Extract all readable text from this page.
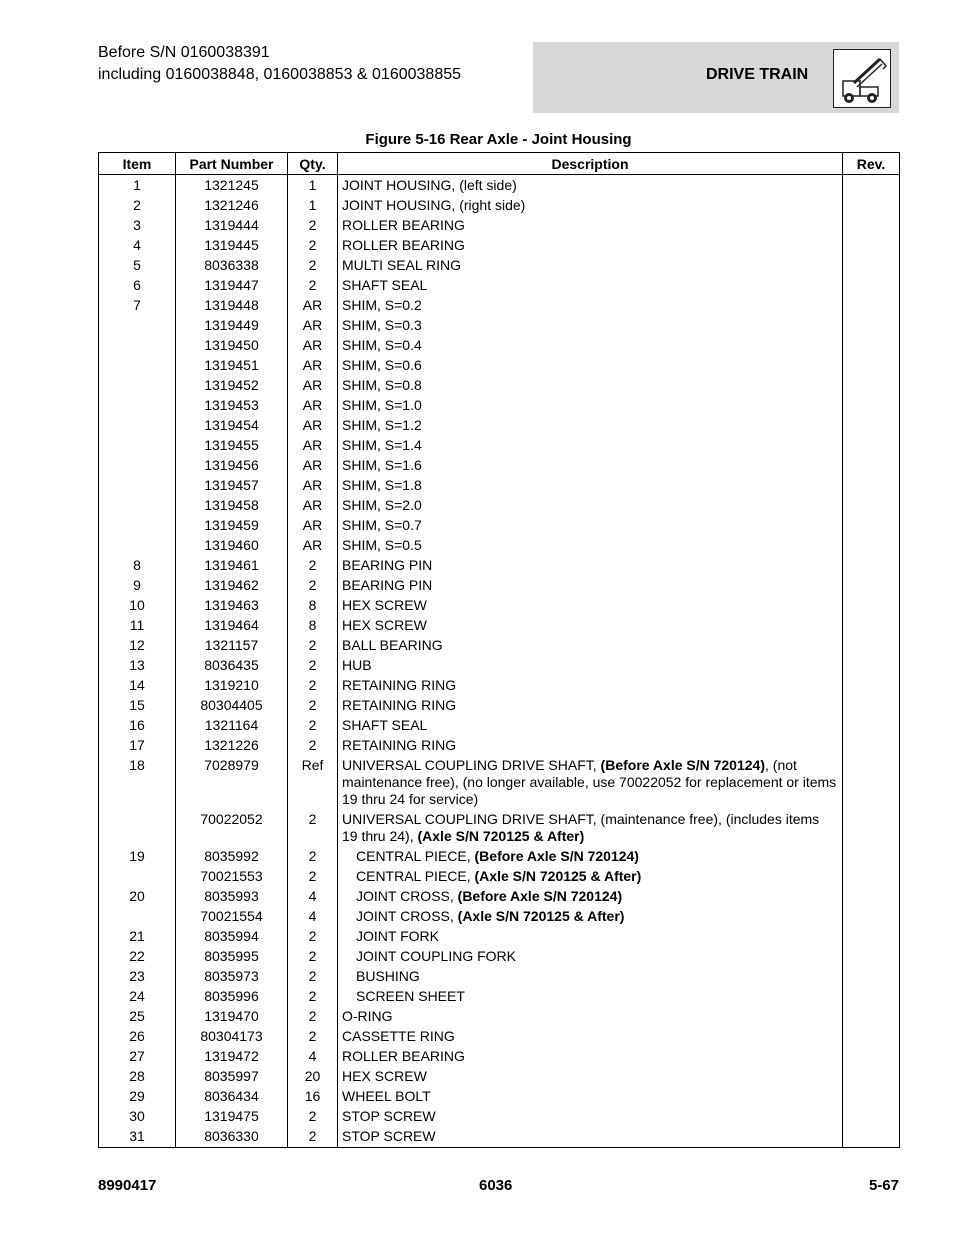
Before S/N 0160038391
including 0160038848, 0160038853 & 0160038855	DRIVE TRAIN
Figure 5-16 Rear Axle - Joint Housing
Item	Part Number	Qty.	Description	Rev.
1	1321245	1	JOINT HOUSING, (left side)	
2	1321246	1	JOINT HOUSING, (right side)	
3	1319444	2	ROLLER BEARING	
4	1319445	2	ROLLER BEARING	
5	8036338	2	MULTI SEAL RING	
6	1319447	2	SHAFT SEAL	
7	1319448	AR	SHIM, S=0.2	
	1319449	AR	SHIM, S=0.3	
	1319450	AR	SHIM, S=0.4	
	1319451	AR	SHIM, S=0.6	
	1319452	AR	SHIM, S=0.8	
	1319453	AR	SHIM, S=1.0	
	1319454	AR	SHIM, S=1.2	
	1319455	AR	SHIM, S=1.4	
	1319456	AR	SHIM, S=1.6	
	1319457	AR	SHIM, S=1.8	
	1319458	AR	SHIM, S=2.0	
	1319459	AR	SHIM, S=0.7	
	1319460	AR	SHIM, S=0.5	
8	1319461	2	BEARING PIN	
9	1319462	2	BEARING PIN	
10	1319463	8	HEX SCREW	
11	1319464	8	HEX SCREW	
12	1321157	2	BALL BEARING	
13	8036435	2	HUB	
14	1319210	2	RETAINING RING	
15	80304405	2	RETAINING RING	
16	1321164	2	SHAFT SEAL	
17	1321226	2	RETAINING RING	
18	7028979	Ref	UNIVERSAL COUPLING DRIVE SHAFT, (Before Axle S/N 720124), (not maintenance free), (no longer available, use 70022052 for replacement or items 19 thru 24 for service)	
	70022052	2	UNIVERSAL COUPLING DRIVE SHAFT, (maintenance free), (includes items 19 thru 24), (Axle S/N 720125 & After)	
19	8035992	2	CENTRAL PIECE, (Before Axle S/N 720124)	
	70021553	2	CENTRAL PIECE, (Axle S/N 720125 & After)	
20	8035993	4	JOINT CROSS, (Before Axle S/N 720124)	
	70021554	4	JOINT CROSS, (Axle S/N 720125 & After)	
21	8035994	2	JOINT FORK	
22	8035995	2	JOINT COUPLING FORK	
23	8035973	2	BUSHING	
24	8035996	2	SCREEN SHEET	
25	1319470	2	O-RING	
26	80304173	2	CASSETTE RING	
27	1319472	4	ROLLER BEARING	
28	8035997	20	HEX SCREW	
29	8036434	16	WHEEL BOLT	
30	1319475	2	STOP SCREW	
31	8036330	2	STOP SCREW	
8990417	6036	5-67
